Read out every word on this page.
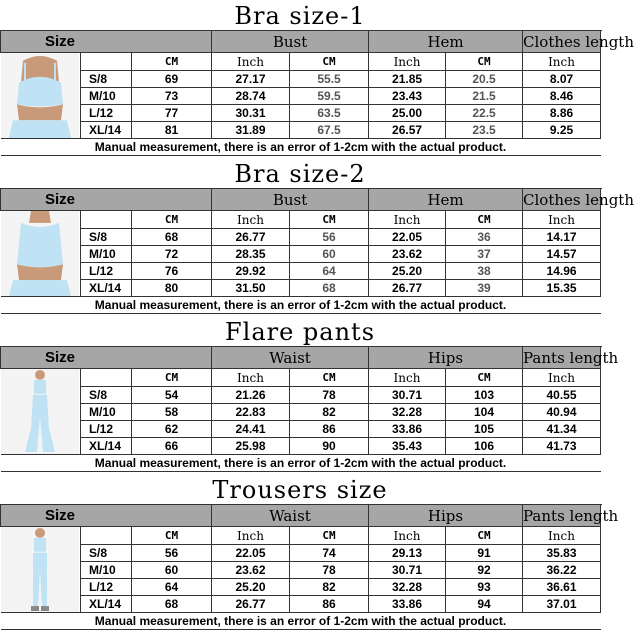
Bra size-1
Size			Bust		Hem		Clothes length

		CM	Inch	CM	Inch	CM	Inch
	S/8	69	27.17	55.5	21.85	20.5	8.07
	M/10	73	28.74	59.5	23.43	21.5	8.46
	L/12	77	30.31	63.5	25.00	22.5	8.86
	XL/14	81	31.89	67.5	26.57	23.5	9.25
Manual measurement, there is an error of 1-2cm with the actual product.							
Bra size-2
Size			Bust		Hem		Clothes length

		CM	Inch	CM	Inch	CM	Inch
	S/8	68	26.77	56	22.05	36	14.17
	M/10	72	28.35	60	23.62	37	14.57
	L/12	76	29.92	64	25.20	38	14.96
	XL/14	80	31.50	68	26.77	39	15.35
Manual measurement, there is an error of 1-2cm with the actual product.							
Flare pants
Size			Waist		Hips		Pants length

		CM	Inch	CM	Inch	CM	Inch
	S/8	54	21.26	78	30.71	103	40.55
	M/10	58	22.83	82	32.28	104	40.94
	L/12	62	24.41	86	33.86	105	41.34
	XL/14	66	25.98	90	35.43	106	41.73
Manual measurement, there is an error of 1-2cm with the actual product.							
Trousers size
Size			Waist		Hips		Pants length

		CM	Inch	CM	Inch	CM	Inch
	S/8	56	22.05	74	29.13	91	35.83
	M/10	60	23.62	78	30.71	92	36.22
	L/12	64	25.20	82	32.28	93	36.61
	XL/14	68	26.77	86	33.86	94	37.01
Manual measurement, there is an error of 1-2cm with the actual product.							
